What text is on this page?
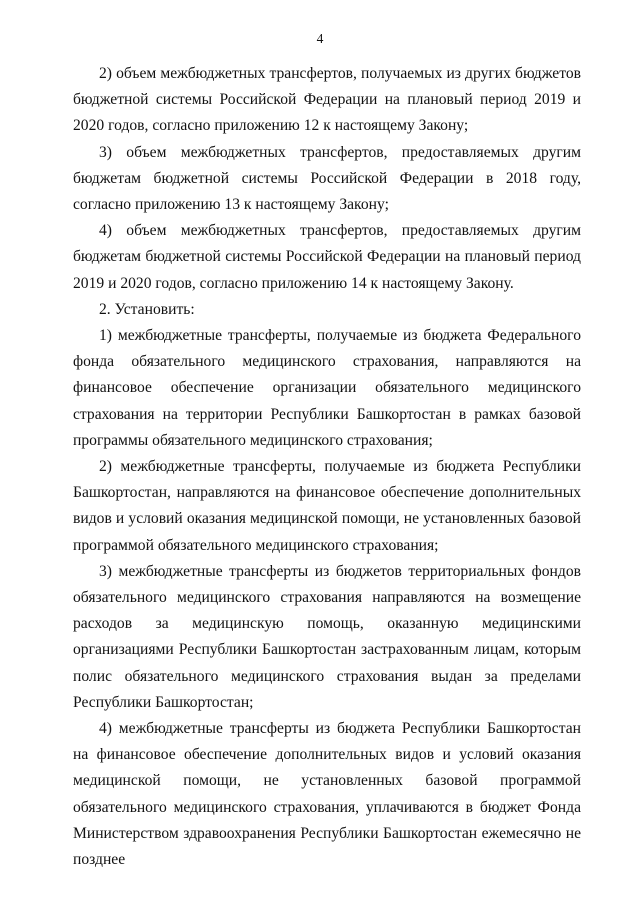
4

2) объем межбюджетных трансфертов, получаемых из других бюджетов бюджетной системы Российской Федерации на плановый период 2019 и 2020 годов, согласно приложению 12 к настоящему Закону;

3) объем межбюджетных трансфертов, предоставляемых другим бюджетам бюджетной системы Российской Федерации в 2018 году, согласно приложению 13 к настоящему Закону;

4) объем межбюджетных трансфертов, предоставляемых другим бюджетам бюджетной системы Российской Федерации на плановый период 2019 и 2020 годов, согласно приложению 14 к настоящему Закону.

2. Установить:

1) межбюджетные трансферты, получаемые из бюджета Федерального фонда обязательного медицинского страхования, направляются на финансовое обеспечение организации обязательного медицинского страхования на территории Республики Башкортостан в рамках базовой программы обязательного медицинского страхования;

2) межбюджетные трансферты, получаемые из бюджета Республики Башкортостан, направляются на финансовое обеспечение дополнительных видов и условий оказания медицинской помощи, не установленных базовой программой обязательного медицинского страхования;

3) межбюджетные трансферты из бюджетов территориальных фондов обязательного медицинского страхования направляются на возмещение расходов за медицинскую помощь, оказанную медицинскими организациями Республики Башкортостан застрахованным лицам, которым полис обязательного медицинского страхования выдан за пределами Республики Башкортостан;

4) межбюджетные трансферты из бюджета Республики Башкортостан на финансовое обеспечение дополнительных видов и условий оказания медицинской помощи, не установленных базовой программой обязательного медицинского страхования, уплачиваются в бюджет Фонда Министерством здравоохранения Республики Башкортостан ежемесячно не позднее
